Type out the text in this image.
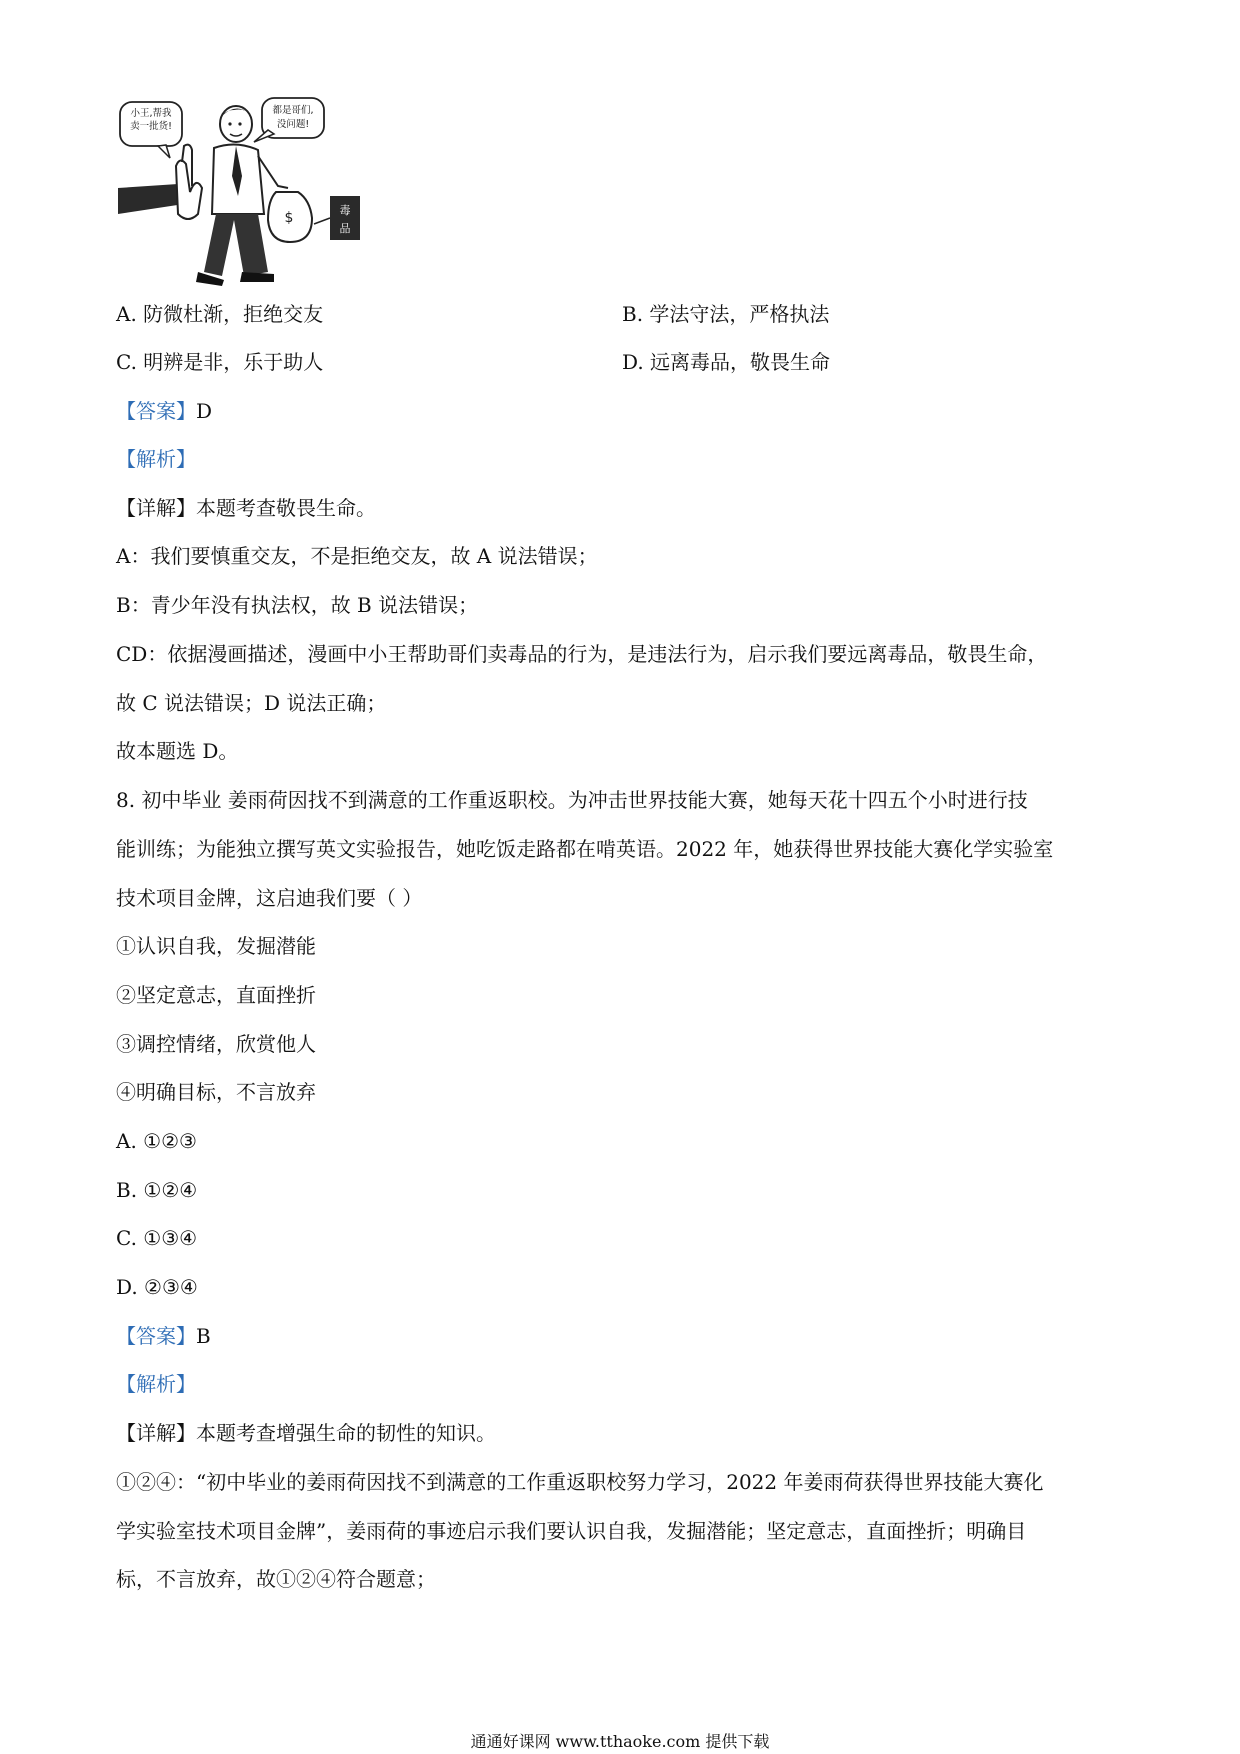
小王,帮我
卖一批货!
都是哥们,
没问题!
$	毒
品
A. 防微杜渐，拒绝交友	B. 学法守法，严格执法
C. 明辨是非，乐于助人	D. 远离毒品，敬畏生命
【答案】D
【解析】
【详解】本题考查敬畏生命。
A：我们要慎重交友，不是拒绝交友，故 A 说法错误；
B：青少年没有执法权，故 B 说法错误；
CD：依据漫画描述，漫画中小王帮助哥们卖毒品的行为，是违法行为，启示我们要远离毒品，敬畏生命，
故 C 说法错误；D 说法正确；
故本题选 D。
8. 初中毕业 姜雨荷因找不到满意的工作重返职校。为冲击世界技能大赛，她每天花十四五个小时进行技
能训练；为能独立撰写英文实验报告，她吃饭走路都在啃英语。2022 年，她获得世界技能大赛化学实验室
技术项目金牌，这启迪我们要（ ）
①认识自我，发掘潜能
②坚定意志，直面挫折
③调控情绪，欣赏他人
④明确目标，不言放弃
A. ①②③
B. ①②④
C. ①③④
D. ②③④
【答案】B
【解析】
【详解】本题考查增强生命的韧性的知识。
①②④：“初中毕业的姜雨荷因找不到满意的工作重返职校努力学习，2022 年姜雨荷获得世界技能大赛化
学实验室技术项目金牌”，姜雨荷的事迹启示我们要认识自我，发掘潜能；坚定意志，直面挫折；明确目
标，不言放弃，故①②④符合题意；
通通好课网 www.tthaoke.com 提供下载
